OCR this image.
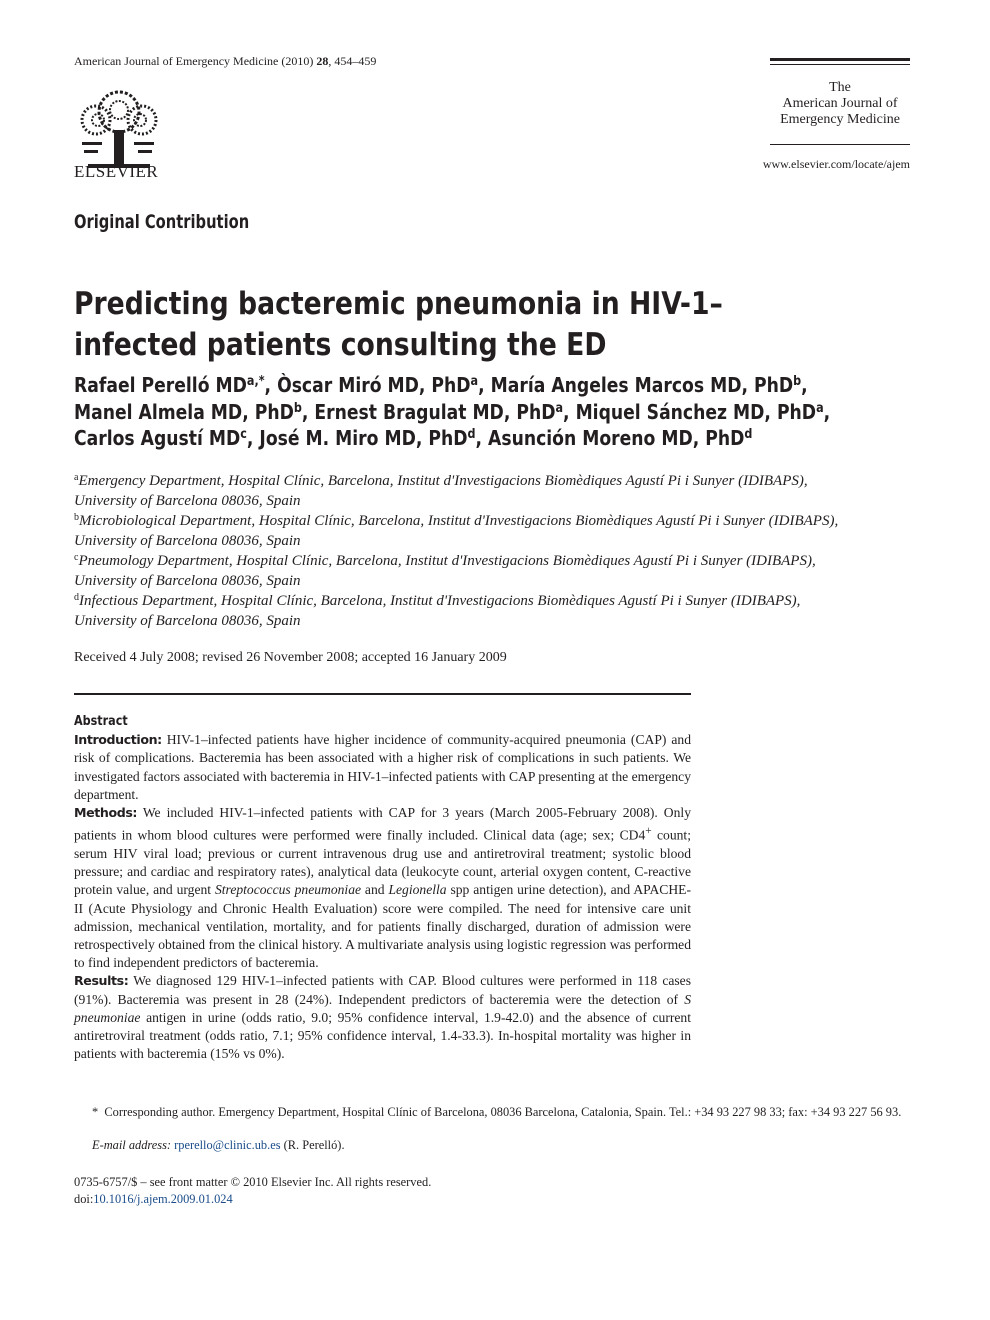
American Journal of Emergency Medicine (2010) 28, 454–459
ELSEVIER
The
American Journal of
Emergency Medicine
www.elsevier.com/locate/ajem
Original Contribution
Predicting bacteremic pneumonia in HIV-1–infected patients consulting the ED
Rafael Perelló $MD^{a,*}$, Òscar Miró MD, PhD$^a$, María Angeles Marcos MD, PhD$^b$,
Manel Almela MD, PhD$^b$, Ernest Bragulat MD, PhD$^a$, Miquel Sánchez MD, PhD$^a$,
Carlos Agustí $MD^c$, José M. Miro MD, PhD$^d$, Asunción Moreno MD, PhD$^d$

$^a$Emergency Department, Hospital Clínic, Barcelona, Institut d'Investigacions Biomèdiques Agustí Pi i Sunyer (IDIBAPS),
University of Barcelona 08036, Spain

$^b$Microbiological Department, Hospital Clínic, Barcelona, Institut d'Investigacions Biomèdiques Agustí Pi i Sunyer (IDIBAPS),
University of Barcelona 08036, Spain

$^c$Pneumology Department, Hospital Clínic, Barcelona, Institut d'Investigacions Biomèdiques Agustí Pi i Sunyer (IDIBAPS),
University of Barcelona 08036, Spain

$^d$Infectious Department, Hospital Clínic, Barcelona, Institut d'Investigacions Biomèdiques Agustí Pi i Sunyer (IDIBAPS),
University of Barcelona 08036, Spain

Received 4 July 2008; revised 26 November 2008; accepted 16 January 2009
Abstract

Introduction: HIV-1–infected patients have higher incidence of community-acquired pneumonia (CAP) and risk of complications. Bacteremia has been associated with a higher risk of complications in such patients. We investigated factors associated with bacteremia in HIV-1–infected patients with CAP presenting at the emergency department.

Methods: We included HIV-1–infected patients with CAP for 3 years (March 2005-February 2008). Only patients in whom blood cultures were performed were finally included. Clinical data (age; sex; CD4+ count; serum HIV viral load; previous or current intravenous drug use and antiretroviral treatment; systolic blood pressure; and cardiac and respiratory rates), analytical data (leukocyte count, arterial oxygen content, C-reactive protein value, and urgent Streptococcus pneumoniae and Legionella spp antigen urine detection), and APACHE-II (Acute Physiology and Chronic Health Evaluation) score were compiled. The need for intensive care unit admission, mechanical ventilation, mortality, and for patients finally discharged, duration of admission were retrospectively obtained from the clinical history. A multivariate analysis using logistic regression was performed to find independent predictors of bacteremia.

Results: We diagnosed 129 HIV-1–infected patients with CAP. Blood cultures were performed in 118 cases (91%). Bacteremia was present in 28 (24%). Independent predictors of bacteremia were the detection of S pneumoniae antigen in urine (odds ratio, 9.0; 95% confidence interval, 1.9-42.0) and the absence of current antiretroviral treatment (odds ratio, 7.1; 95% confidence interval, 1.4-33.3). In-hospital mortality was higher in patients with bacteremia (15% vs 0%).

* Corresponding author. Emergency Department, Hospital Clínic of Barcelona, 08036 Barcelona, Catalonia, Spain. Tel.: +34 93 227 98 33; fax: +34 93 227 56 93.

E-mail address: rperello@clinic.ub.es (R. Perelló).
0735-6757/$ – see front matter © 2010 Elsevier Inc. All rights reserved.
doi:10.1016/j.ajem.2009.01.024
